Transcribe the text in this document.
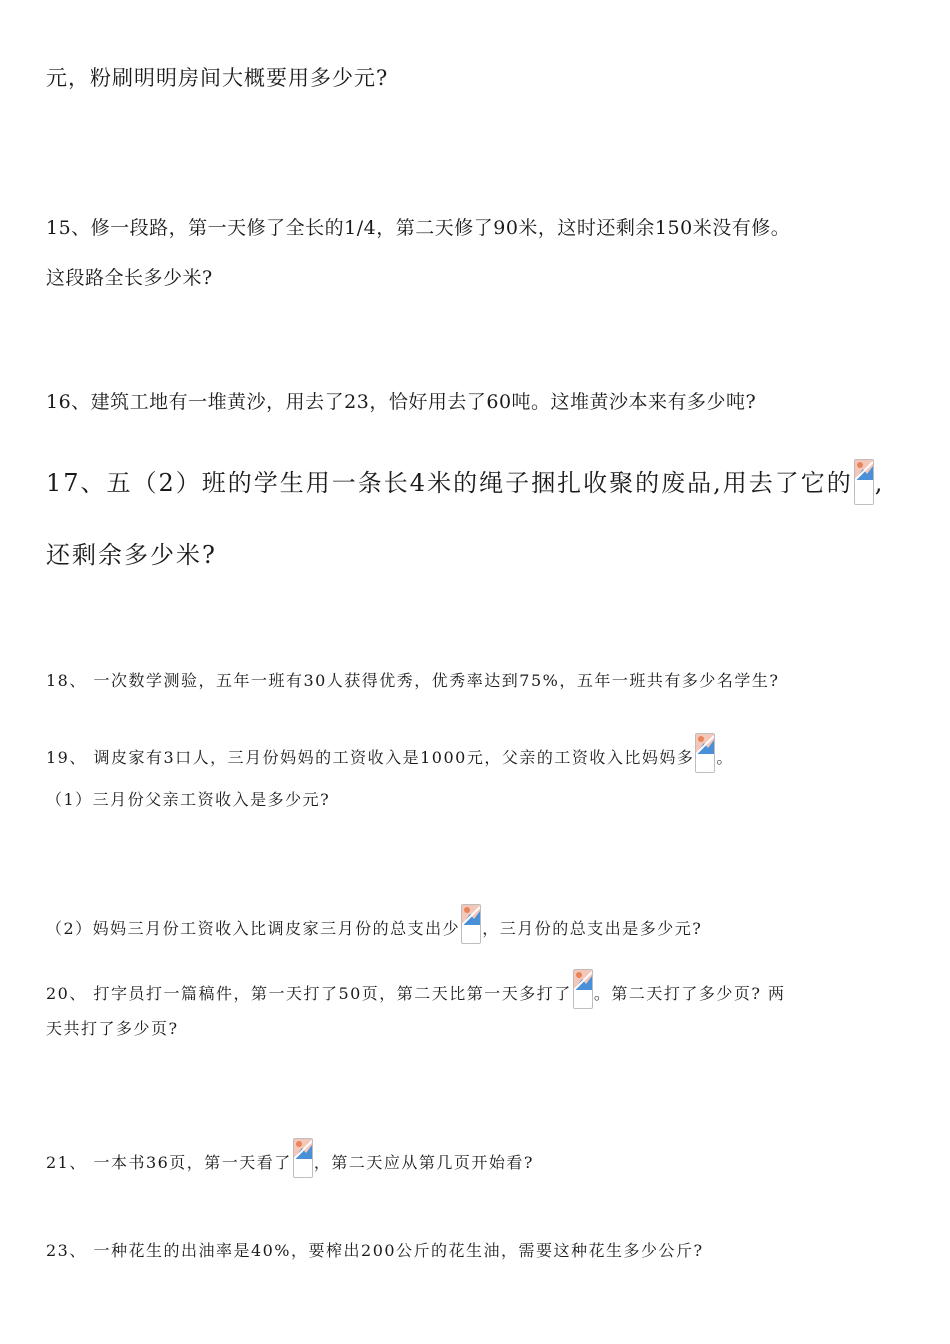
元，粉刷明明房间大概要用多少元?
15、修一段路，第一天修了全长的1/4，第二天修了90米，这时还剩余150米没有修。
这段路全长多少米?
16、建筑工地有一堆黄沙，用去了23，恰好用去了60吨。这堆黄沙本来有多少吨?
17、五（2）班的学生用一条长4米的绳子捆扎收聚的废品,用去了它的 ,
还剩余多少米?
18、 一次数学测验，五年一班有30人获得优秀，优秀率达到75%，五年一班共有多少名学生?
19、 调皮家有3口人，三月份妈妈的工资收入是1000元，父亲的工资收入比妈妈多 。
（1）三月份父亲工资收入是多少元?
（2）妈妈三月份工资收入比调皮家三月份的总支出少 ，三月份的总支出是多少元?
20、 打字员打一篇稿件，第一天打了50页，第二天比第一天多打了 。第二天打了多少页? 两
天共打了多少页?
21、 一本书36页，第一天看了 ，第二天应从第几页开始看?
23、 一种花生的出油率是40%，要榨出200公斤的花生油，需要这种花生多少公斤?
